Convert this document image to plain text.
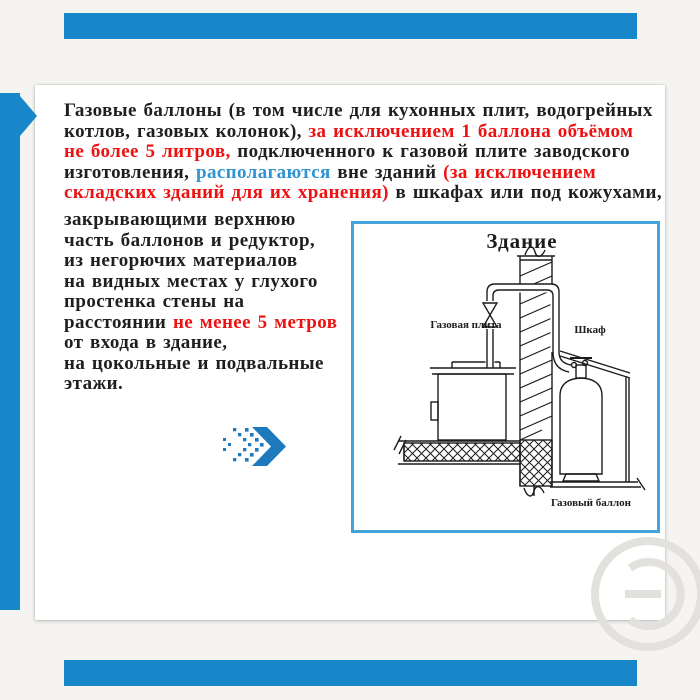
Газовые баллоны (в том числе для кухонных плит, водогрейных
котлов, газовых колонок), за исключением 1 баллона объёмом
не более 5 литров, подключенного к газовой плите заводского
изготовления, располагаются вне зданий (за исключением
складских зданий для их хранения) в шкафах или под кожухами,
закрывающими верхнюю
часть баллонов и редуктор,
из негорючих материалов
на видных местах у глухого
простенка стены на
расстоянии не менее 5 метров
от входа в здание,
на цокольные и подвальные
этажи.
Здание
Газовая плита	Шкаф
Газовый баллон
